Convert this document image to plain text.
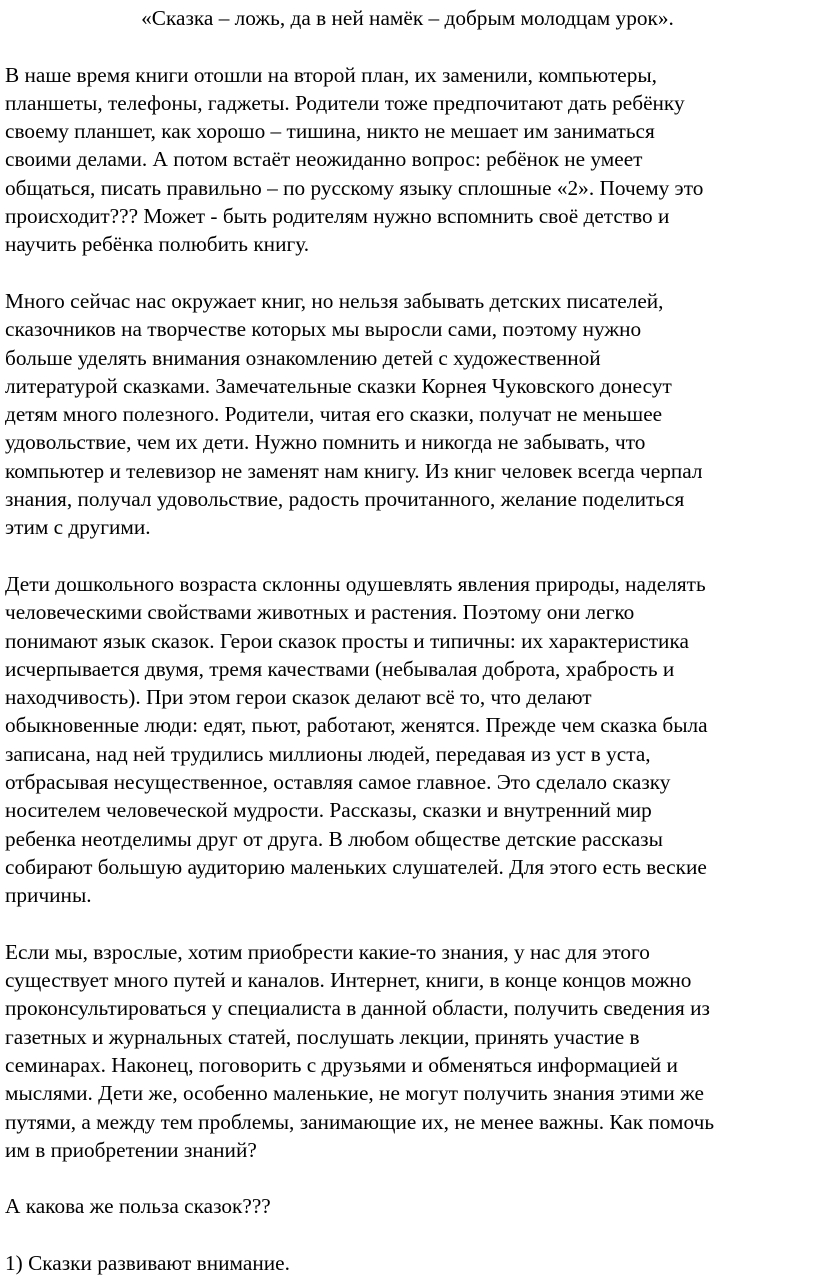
«Сказка – ложь, да в ней намёк – добрым молодцам урок».

В наше время книги отошли на второй план, их заменили, компьютеры,
планшеты, телефоны, гаджеты. Родители тоже предпочитают дать ребёнку
своему планшет, как хорошо – тишина, никто не мешает им заниматься
своими делами. А потом встаёт неожиданно вопрос: ребёнок не умеет
общаться, писать правильно – по русскому языку сплошные «2». Почему это
происходит??? Может - быть родителям нужно вспомнить своё детство и
научить ребёнка полюбить книгу.

Много сейчас нас окружает книг, но нельзя забывать детских писателей,
сказочников на творчестве которых мы выросли сами, поэтому нужно
больше уделять внимания ознакомлению детей с художественной
литературой сказками. Замечательные сказки Корнея Чуковского донесут
детям много полезного. Родители, читая его сказки, получат не меньшее
удовольствие, чем их дети. Нужно помнить и никогда не забывать, что
компьютер и телевизор не заменят нам книгу. Из книг человек всегда черпал
знания, получал удовольствие, радость прочитанного, желание поделиться
этим с другими.

Дети дошкольного возраста склонны одушевлять явления природы, наделять
человеческими свойствами животных и растения. Поэтому они легко
понимают язык сказок. Герои сказок просты и типичны: их характеристика
исчерпывается двумя, тремя качествами (небывалая доброта, храбрость и
находчивость). При этом герои сказок делают всё то, что делают
обыкновенные люди: едят, пьют, работают, женятся. Прежде чем сказка была
записана, над ней трудились миллионы людей, передавая из уст в уста,
отбрасывая несущественное, оставляя самое главное. Это сделало сказку
носителем человеческой мудрости. Рассказы, сказки и внутренний мир
ребенка неотделимы друг от друга. В любом обществе детские рассказы
собирают большую аудиторию маленьких слушателей. Для этого есть веские
причины.

Если мы, взрослые, хотим приобрести какие-то знания, у нас для этого
существует много путей и каналов. Интернет, книги, в конце концов можно
проконсультироваться у специалиста в данной области, получить сведения из
газетных и журнальных статей, послушать лекции, принять участие в
семинарах. Наконец, поговорить с друзьями и обменяться информацией и
мыслями. Дети же, особенно маленькие, не могут получить знания этими же
путями, а между тем проблемы, занимающие их, не менее важны. Как помочь
им в приобретении знаний?

А какова же польза сказок???

1) Сказки развивают внимание.
